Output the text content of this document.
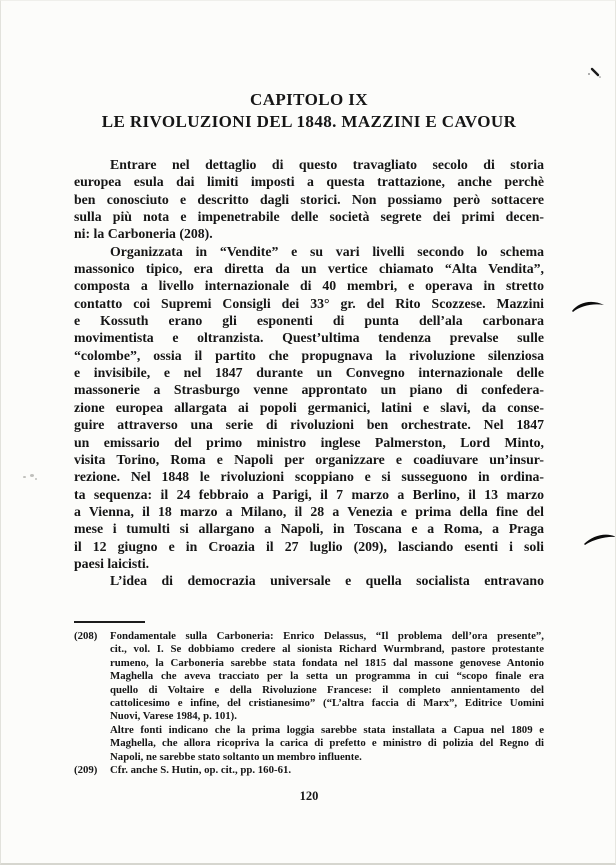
CAPITOLO IX
LE RIVOLUZIONI DEL 1848. MAZZINI E CAVOUR
Entrare nel dettaglio di questo travagliato secolo di storia
europea esula dai limiti imposti a questa trattazione, anche perchè
ben conosciuto e descritto dagli storici. Non possiamo però sottacere
sulla più nota e impenetrabile delle società segrete dei primi decen-
ni: la Carboneria (208).
Organizzata in “Vendite” e su vari livelli secondo lo schema
massonico tipico, era diretta da un vertice chiamato “Alta Vendita”,
composta a livello internazionale di 40 membri, e operava in stretto
contatto coi Supremi Consigli dei 33° gr. del Rito Scozzese. Mazzini
e Kossuth erano gli esponenti di punta dell’ala carbonara
movimentista e oltranzista. Quest’ultima tendenza prevalse sulle
“colombe”, ossia il partito che propugnava la rivoluzione silenziosa
e invisibile, e nel 1847 durante un Convegno internazionale delle
massonerie a Strasburgo venne approntato un piano di confedera-
zione europea allargata ai popoli germanici, latini e slavi, da conse-
guire attraverso una serie di rivoluzioni ben orchestrate. Nel 1847
un emissario del primo ministro inglese Palmerston, Lord Minto,
visita Torino, Roma e Napoli per organizzare e coadiuvare un’insur-
rezione. Nel 1848 le rivoluzioni scoppiano e si susseguono in ordina-
ta sequenza: il 24 febbraio a Parigi, il 7 marzo a Berlino, il 13 marzo
a Vienna, il 18 marzo a Milano, il 28 a Venezia e prima della fine del
mese i tumulti si allargano a Napoli, in Toscana e a Roma, a Praga
il 12 giugno e in Croazia il 27 luglio (209), lasciando esenti i soli
paesi laicisti.
L’idea di democrazia universale e quella socialista entravano
(208) Fondamentale sulla Carboneria: Enrico Delassus, “Il problema dell’ora presente”,
cit., vol. I. Se dobbiamo credere al sionista Richard Wurmbrand, pastore protestante
rumeno, la Carboneria sarebbe stata fondata nel 1815 dal massone genovese Antonio
Maghella che aveva tracciato per la setta un programma in cui “scopo finale era
quello di Voltaire e della Rivoluzione Francese: il completo annientamento del
cattolicesimo e infine, del cristianesimo” (“L’altra faccia di Marx”, Editrice Uomini
Nuovi, Varese 1984, p. 101).
Altre fonti indicano che la prima loggia sarebbe stata installata a Capua nel 1809 e
Maghella, che allora ricopriva la carica di prefetto e ministro di polizia del Regno di
Napoli, ne sarebbe stato soltanto un membro influente.
(209) Cfr. anche S. Hutin, op. cit., pp. 160-61.
120
